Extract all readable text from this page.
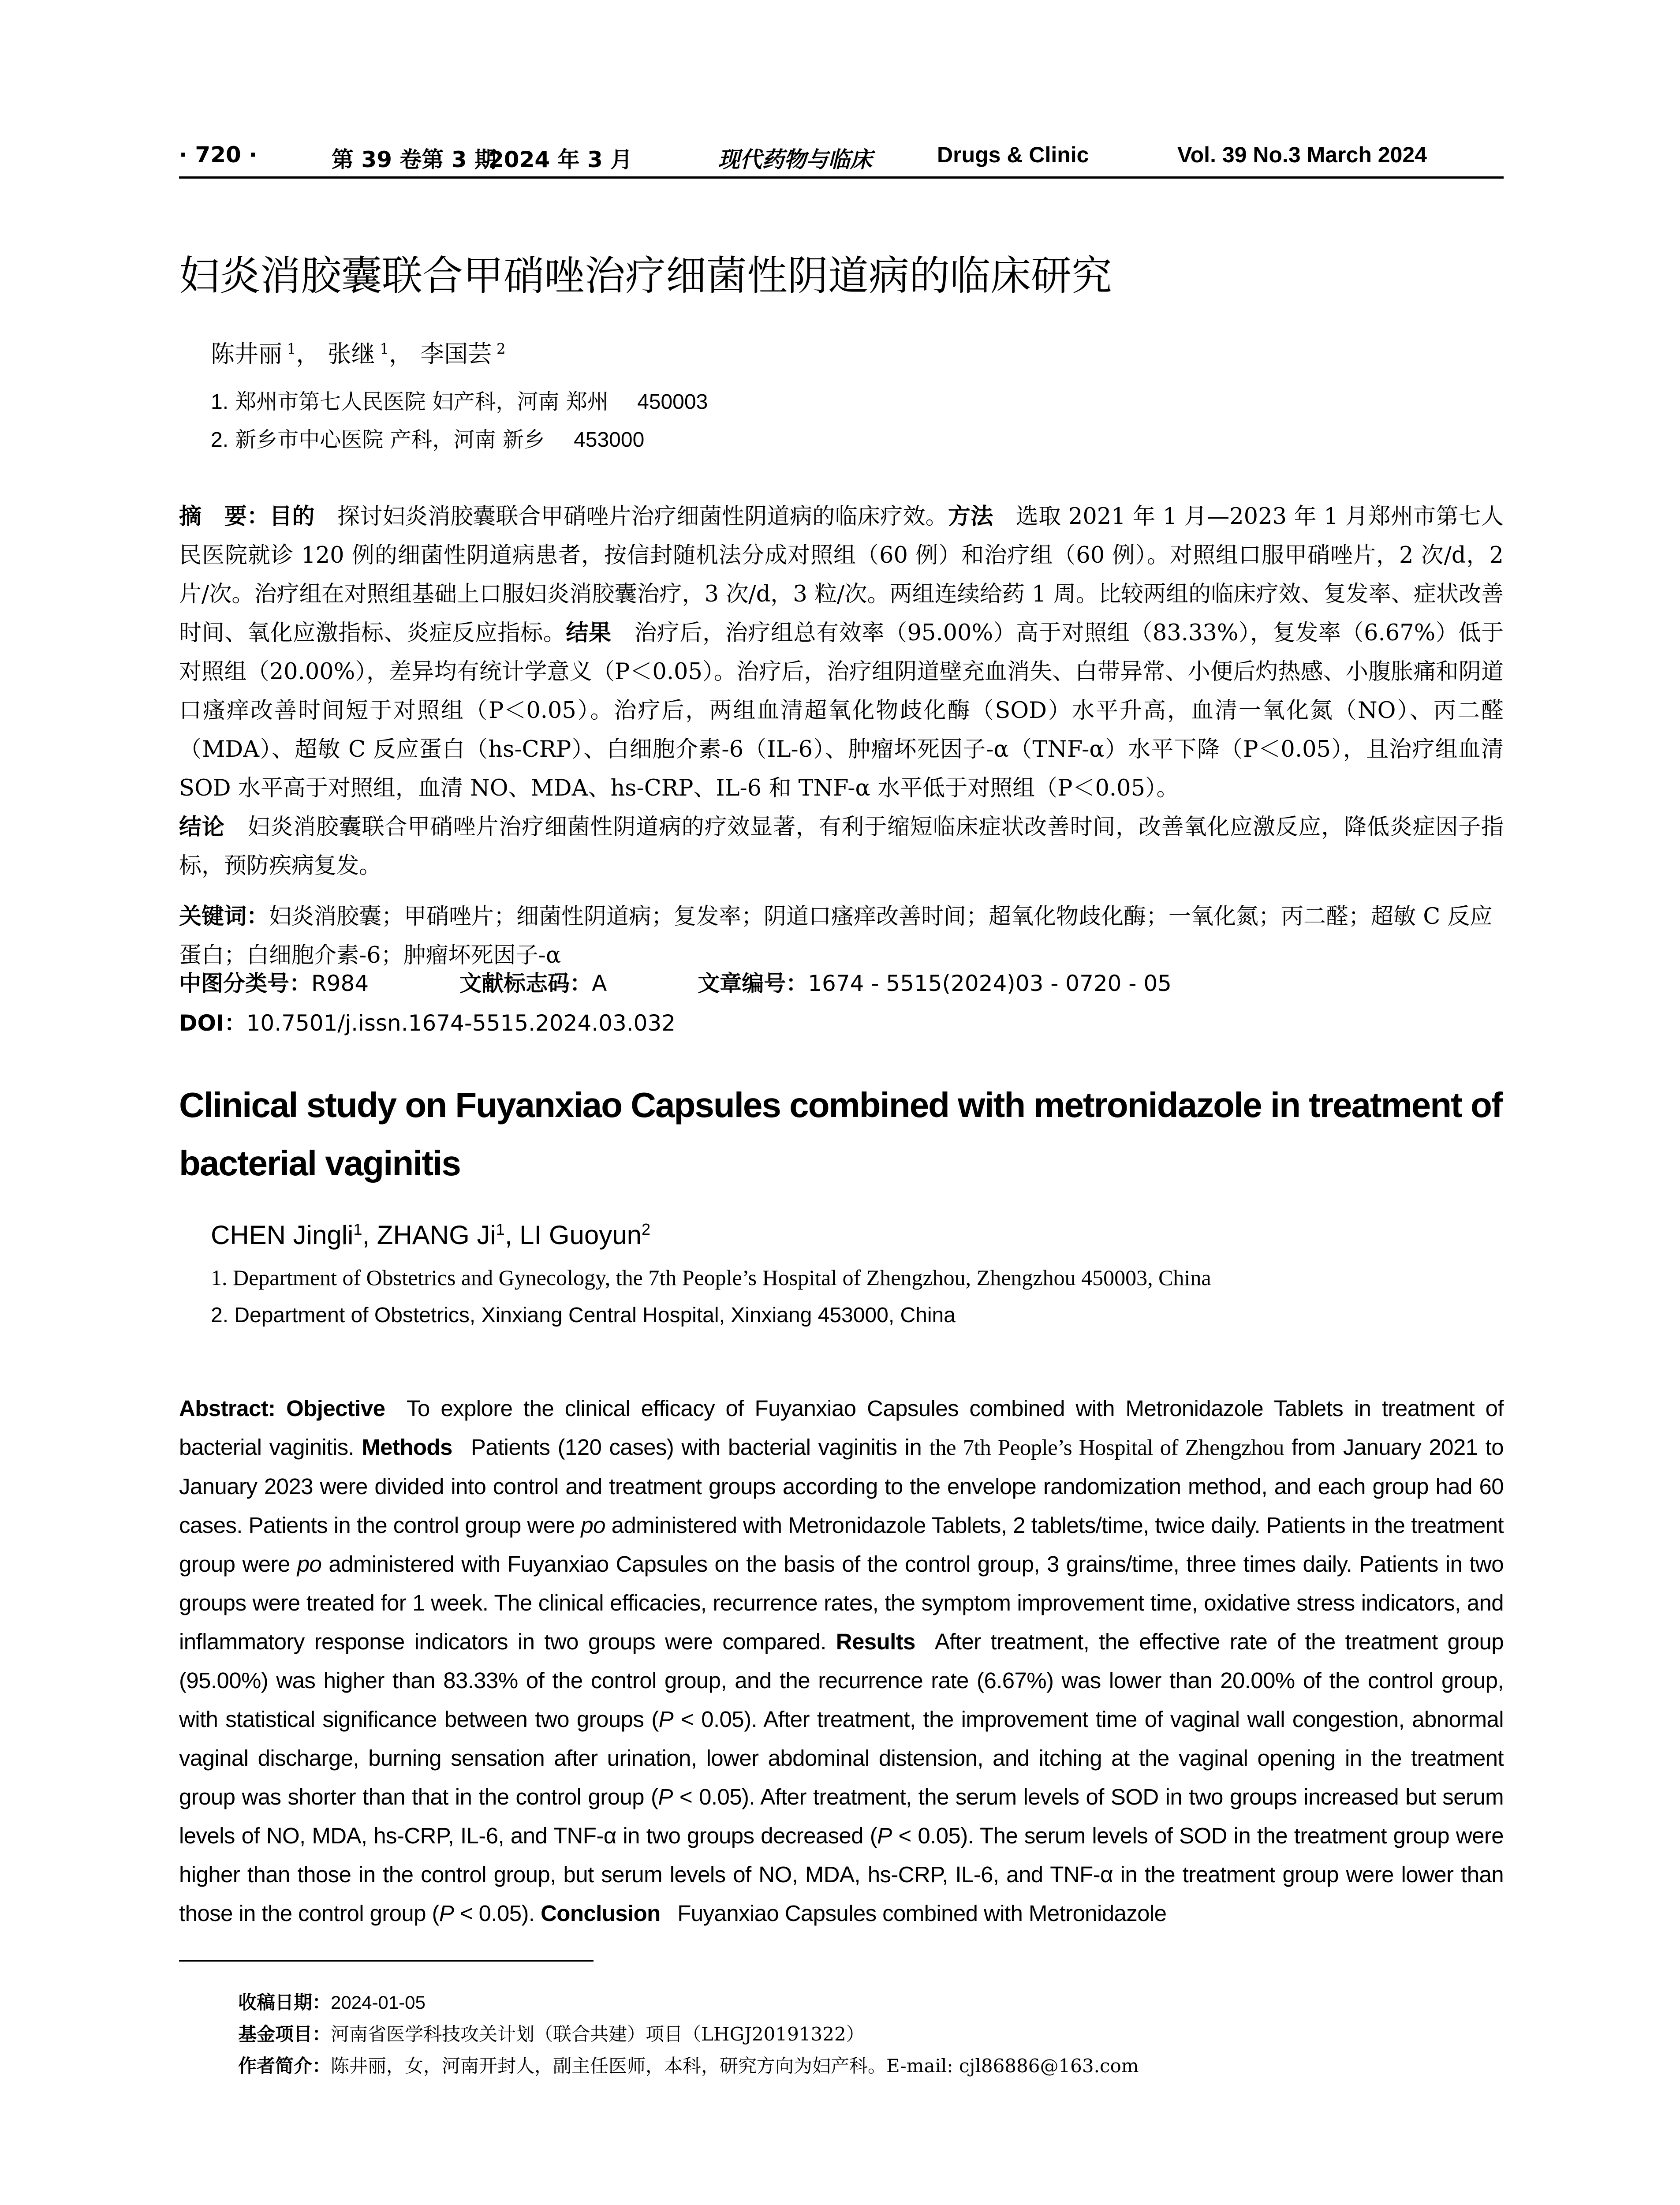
· 720 ·	第 39 卷第 3 期
2024 年 3 月	现代药物与临床	Drugs & Clinic	Vol. 39 No.3 March 2024
妇炎消胶囊联合甲硝唑治疗细菌性阴道病的临床研究
陈井丽  $^1$， 张继  $^1$， 李国芸  $^2$
1. 郑州市第七人民医院 妇产科，河南 郑州 450003
2. 新乡市中心医院 产科，河南 新乡 453000
摘　要：目的  探讨妇炎消胶囊联合甲硝唑片治疗细菌性阴道病的临床疗效。方法  选取 2021 年 1 月—2023 年 1 月郑州市第七人民医院就诊 120 例的细菌性阴道病患者，按信封随机法分成对照组（60 例）和治疗组（60 例）。对照组口服甲硝唑片，2 次/d，2 片/次。治疗组在对照组基础上口服妇炎消胶囊治疗，3 次/d，3 粒/次。两组连续给药 1 周。比较两组的临床疗效、复发率、症状改善时间、氧化应激指标、炎症反应指标。结果  治疗后，治疗组总有效率（95.00%）高于对照组（83.33%），复发率（6.67%）低于对照组（20.00%），差异均有统计学意义（P＜0.05）。治疗后，治疗组阴道壁充血消失、白带异常、小便后灼热感、小腹胀痛和阴道口瘙痒改善时间短于对照组（P＜0.05）。治疗后，两组血清超氧化物歧化酶（SOD）水平升高，血清一氧化氮（NO）、丙二醛（MDA）、超敏 C 反应蛋白（hs-CRP）、白细胞介素-6（IL-6）、肿瘤坏死因子-α（TNF-α）水平下降（P＜0.05），且治疗组血清 SOD 水平高于对照组，血清 NO、MDA、hs-CRP、IL-6 和 TNF-α 水平低于对照组（P＜0.05）。
结论  妇炎消胶囊联合甲硝唑片治疗细菌性阴道病的疗效显著，有利于缩短临床症状改善时间，改善氧化应激反应，降低炎症因子指标，预防疾病复发。
关键词：妇炎消胶囊；甲硝唑片；细菌性阴道病；复发率；阴道口瘙痒改善时间；超氧化物歧化酶；一氧化氮；丙二醛；超敏 C 反应蛋白；白细胞介素-6；肿瘤坏死因子-α
中图分类号：R984	文献标志码：A	文章编号：1674 - 5515(2024)03 - 0720 - 05
DOI：10.7501/j.issn.1674-5515.2024.03.032
Clinical study on Fuyanxiao Capsules combined with metronidazole in treatment of bacterial vaginitis
CHEN Jingli$^1$, ZHANG Ji$^1$, LI Guoyun$^2$
1. Department of Obstetrics and Gynecology, the 7th People’s Hospital of Zhengzhou, Zhengzhou 450003, China
2. Department of Obstetrics, Xinxiang Central Hospital, Xinxiang 453000, China
Abstract: Objective  To explore the clinical efficacy of Fuyanxiao Capsules combined with Metronidazole Tablets in treatment of bacterial vaginitis. Methods  Patients (120 cases) with bacterial vaginitis in the 7th People’s Hospital of Zhengzhou from January 2021 to January 2023 were divided into control and treatment groups according to the envelope randomization method, and each group had 60 cases. Patients in the control group were po administered with Metronidazole Tablets, 2 tablets/time, twice daily. Patients in the treatment group were po administered with Fuyanxiao Capsules on the basis of the control group, 3 grains/time, three times daily. Patients in two groups were treated for 1 week. The clinical efficacies, recurrence rates, the symptom improvement time, oxidative stress indicators, and inflammatory response indicators in two groups were compared. Results  After treatment, the effective rate of the treatment group (95.00%) was higher than 83.33% of the control group, and the recurrence rate (6.67%) was lower than 20.00% of the control group, with statistical significance between two groups (P < 0.05). After treatment, the improvement time of vaginal wall congestion, abnormal vaginal discharge, burning sensation after urination, lower abdominal distension, and itching at the vaginal opening in the treatment group was shorter than that in the control group (P < 0.05). After treatment, the serum levels of SOD in two groups increased but serum levels of NO, MDA, hs-CRP, IL-6, and TNF-α in two groups decreased (P < 0.05). The serum levels of SOD in the treatment group were higher than those in the control group, but serum levels of NO, MDA, hs-CRP, IL-6, and TNF-α in the treatment group were lower than those in the control group (P < 0.05). Conclusion  Fuyanxiao Capsules combined with Metronidazole
收稿日期：2024-01-05
基金项目：河南省医学科技攻关计划（联合共建）项目（LHGJ20191322）
作者简介：陈井丽，女，河南开封人，副主任医师，本科，研究方向为妇产科。E-mail: cjl86886@163.com
